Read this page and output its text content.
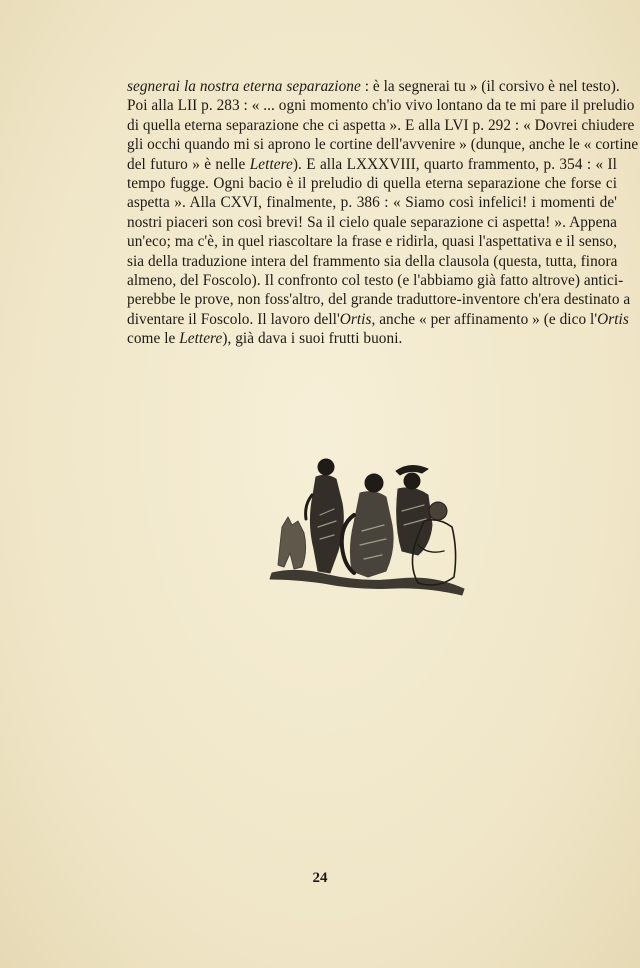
segnerai la nostra eterna separazione : è la segnerai tu » (il corsivo è nel testo).
Poi alla LII p. 283 : « ... ogni momento ch'io vivo lontano da te mi pare il preludio
di quella eterna separazione che ci aspetta ». E alla LVI p. 292 : « Dovrei chiudere
gli occhi quando mi si aprono le cortine dell'avvenire » (dunque, anche le « cortine
del futuro » è nelle Lettere). E alla LXXXVIII, quarto frammento, p. 354 : « Il
tempo fugge. Ogni bacio è il preludio di quella eterna separazione che forse ci
aspetta ». Alla CXVI, finalmente, p. 386 : « Siamo così infelici! i momenti de'
nostri piaceri son così brevi! Sa il cielo quale separazione ci aspetta! ». Appena
un'eco; ma c'è, in quel riascoltare la frase e ridirla, quasi l'aspettativa e il senso,
sia della traduzione intera del frammento sia della clausola (questa, tutta, finora
almeno, del Foscolo). Il confronto col testo (e l'abbiamo già fatto altrove) antici-
perebbe le prove, non foss'altro, del grande traduttore-inventore ch'era destinato a
diventare il Foscolo. Il lavoro dell'Ortis, anche « per affinamento » (e dico l'Ortis
come le Lettere), già dava i suoi frutti buoni.
24
